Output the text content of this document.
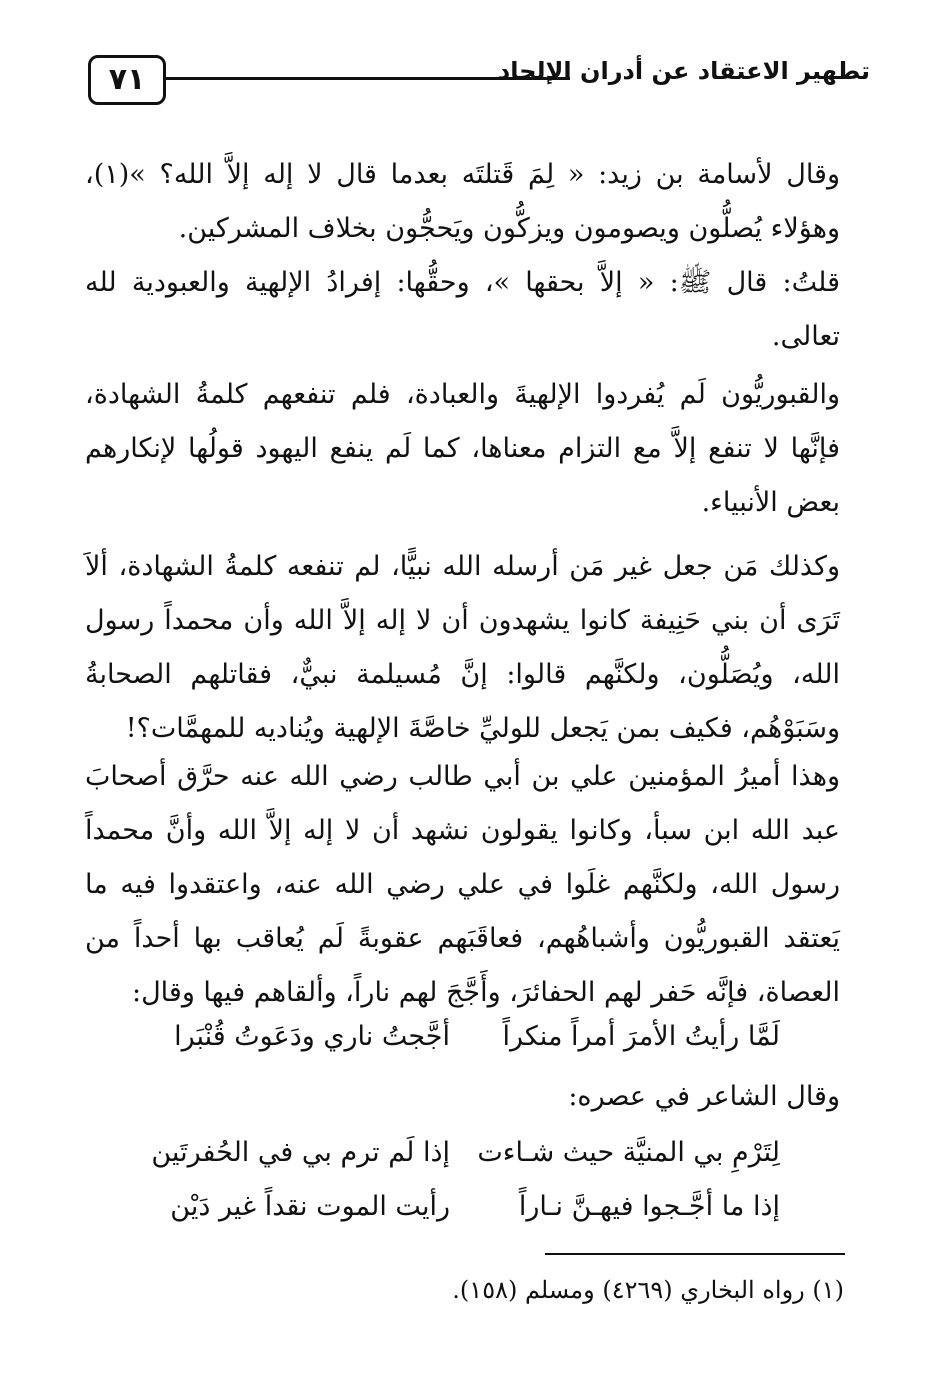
٧١	تطهير الاعتقاد عن أدران الإلحاد

وقال لأسامة بن زيد: « لِمَ قَتلتَه بعدما قال لا إله إلاَّ الله؟ »(١)، وهؤلاء يُصلُّون ويصومون ويزكُّون ويَحجُّون بخلاف المشركين.

قلتُ: قال ﷺ: « إلاَّ بحقها »، وحقُّها: إفرادُ الإلهية والعبودية لله تعالى.

والقبوريُّون لَم يُفردوا الإلهيةَ والعبادة، فلم تنفعهم كلمةُ الشهادة، فإنَّها لا تنفع إلاَّ مع التزام معناها، كما لَم ينفع اليهود قولُها لإنكارهم بعض الأنبياء.

وكذلك مَن جعل غير مَن أرسله الله نبيًّا، لم تنفعه كلمةُ الشهادة، ألاَ تَرَى أن بني حَنِيفة كانوا يشهدون أن لا إله إلاَّ الله وأن محمداً رسول الله، ويُصَلُّون، ولكنَّهم قالوا: إنَّ مُسيلمة نبيٌّ، فقاتلهم الصحابةُ وسَبَوْهُم، فكيف بمن يَجعل للوليِّ خاصَّةَ الإلهية ويُناديه للمهمَّات؟!

وهذا أميرُ المؤمنين علي بن أبي طالب رضي الله عنه حرَّق أصحابَ عبد الله ابن سبأ، وكانوا يقولون نشهد أن لا إله إلاَّ الله وأنَّ محمداً رسول الله، ولكنَّهم غلَوا في علي رضي الله عنه، واعتقدوا فيه ما يَعتقد القبوريُّون وأشباهُهم، فعاقَبَهم عقوبةً لَم يُعاقب بها أحداً من العصاة، فإنَّه حَفر لهم الحفائرَ، وأَجَّجَ لهم ناراً، وألقاهم فيها وقال:

لَمَّا رأيتُ الأمرَ أمراً منكراً
أجَّجتُ ناري ودَعَوتُ قُنْبَرا

وقال الشاعر في عصره:

لِتَرْمِ بي المنيَّة حيث شـاءت
إذا لَم ترم بي في الحُفرتَين
إذا ما أجَّـجوا فيهـنَّ نـاراً
رأيت الموت نقداً غير دَيْن
(١) رواه البخاري (٤٢٦٩) ومسلم (١٥٨).
